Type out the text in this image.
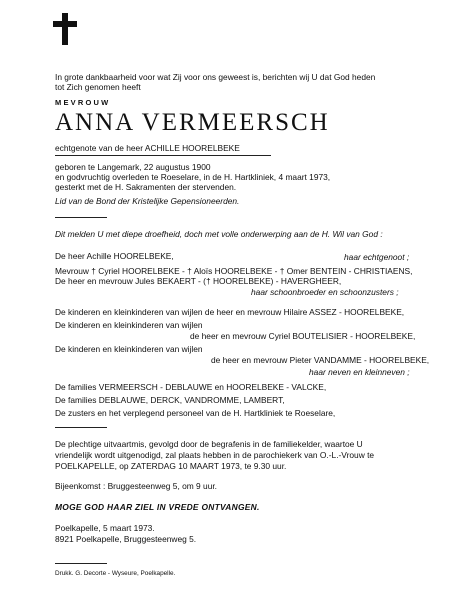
In grote dankbaarheid voor wat Zij voor ons geweest is, berichten wij U dat God heden
tot Zich genomen heeft
MEVROUW
ANNA VERMEERSCH
echtgenote van de heer ACHILLE HOORELBEKE
geboren te Langemark, 22 augustus 1900
en godvruchtig overleden te Roeselare, in de H. Hartkliniek, 4 maart 1973,
gesterkt met de H. Sakramenten der stervenden.
Lid van de Bond der Kristelijke Gepensioneerden.
Dit melden U met diepe droefheid, doch met volle onderwerping aan de H. Wil van God :
De heer Achille HOORELBEKE,	haar echtgenoot ;
Mevrouw † Cyriel HOORELBEKE - † Aloïs HOORELBEKE - † Omer BENTEIN - CHRISTIAENS,
De heer en mevrouw Jules BEKAERT - († HOORELBEKE) - HAVERGHEER,
haar schoonbroeder en schoonzusters ;
De kinderen en kleinkinderen van wijlen de heer en mevrouw Hilaire ASSEZ - HOORELBEKE,
De kinderen en kleinkinderen van wijlen
de heer en mevrouw Cyriel BOUTELISIER - HOORELBEKE,
De kinderen en kleinkinderen van wijlen
de heer en mevrouw Pieter VANDAMME - HOORELBEKE,
haar neven en kleinneven ;
De families VERMEERSCH - DEBLAUWE en HOORELBEKE - VALCKE,
De families DEBLAUWE, DERCK, VANDROMME, LAMBERT,
De zusters en het verplegend personeel van de H. Hartkliniek te Roeselare,
De plechtige uitvaartmis, gevolgd door de begrafenis in de familiekelder, waartoe U
vriendelijk wordt uitgenodigd, zal plaats hebben in de parochiekerk van O.-L.-Vrouw te
POELKAPELLE, op ZATERDAG 10 MAART 1973, te 9.30 uur.
Bijeenkomst : Bruggesteenweg 5, om 9 uur.
MOGE GOD HAAR ZIEL IN VREDE ONTVANGEN.
Poelkapelle, 5 maart 1973.
8921 Poelkapelle, Bruggesteenweg 5.
Drukk. G. Decorte - Wyseure, Poelkapelle.
